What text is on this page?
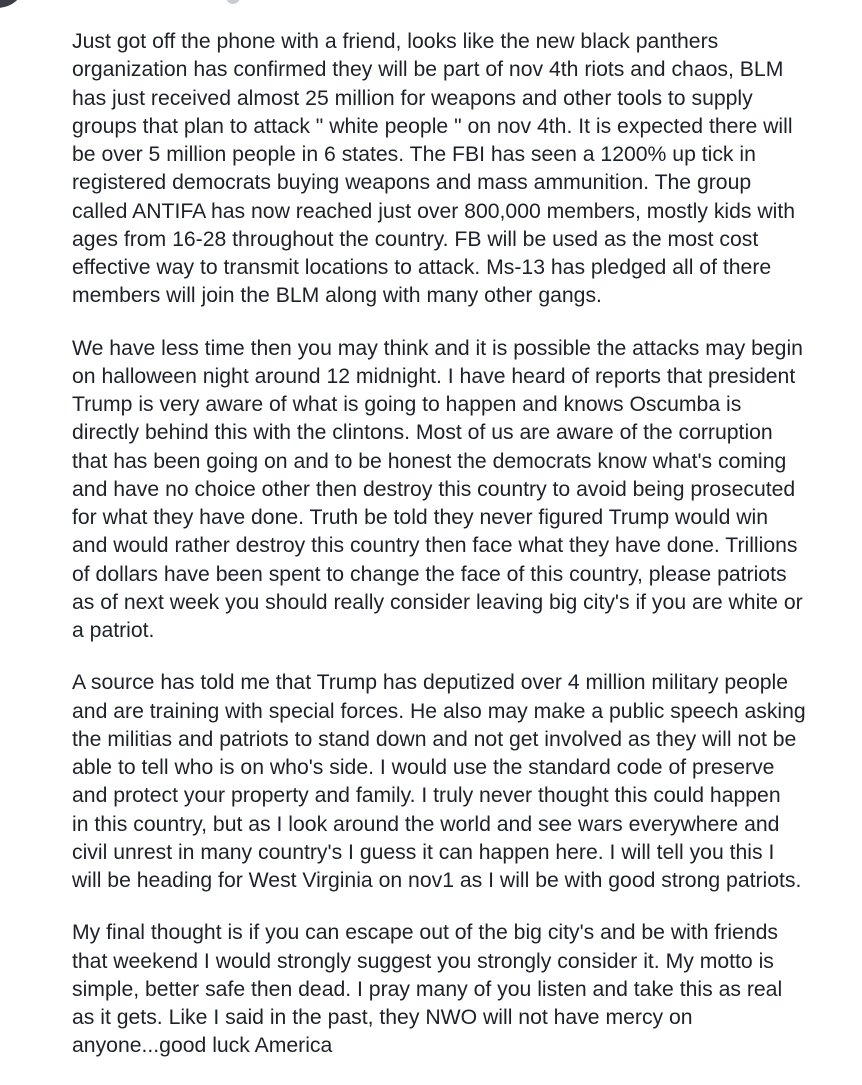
Just got off the phone with a friend, looks like the new black panthers
organization has confirmed they will be part of nov 4th riots and chaos, BLM
has just received almost 25 million for weapons and other tools to supply
groups that plan to attack " white people " on nov 4th. It is expected there will
be over 5 million people in 6 states. The FBI has seen a 1200% up tick in
registered democrats buying weapons and mass ammunition. The group
called ANTIFA has now reached just over 800,000 members, mostly kids with
ages from 16-28 throughout the country. FB will be used as the most cost
effective way to transmit locations to attack. Ms-13 has pledged all of there
members will join the BLM along with many other gangs.

We have less time then you may think and it is possible the attacks may begin
on halloween night around 12 midnight. I have heard of reports that president
Trump is very aware of what is going to happen and knows Oscumba is
directly behind this with the clintons. Most of us are aware of the corruption
that has been going on and to be honest the democrats know what's coming
and have no choice other then destroy this country to avoid being prosecuted
for what they have done. Truth be told they never figured Trump would win
and would rather destroy this country then face what they have done. Trillions
of dollars have been spent to change the face of this country, please patriots
as of next week you should really consider leaving big city's if you are white or
a patriot.

A source has told me that Trump has deputized over 4 million military people
and are training with special forces. He also may make a public speech asking
the militias and patriots to stand down and not get involved as they will not be
able to tell who is on who's side. I would use the standard code of preserve
and protect your property and family. I truly never thought this could happen
in this country, but as I look around the world and see wars everywhere and
civil unrest in many country's I guess it can happen here. I will tell you this I
will be heading for West Virginia on nov1 as I will be with good strong patriots.

My final thought is if you can escape out of the big city's and be with friends
that weekend I would strongly suggest you strongly consider it. My motto is
simple, better safe then dead. I pray many of you listen and take this as real
as it gets. Like I said in the past, they NWO will not have mercy on
anyone...good luck America
